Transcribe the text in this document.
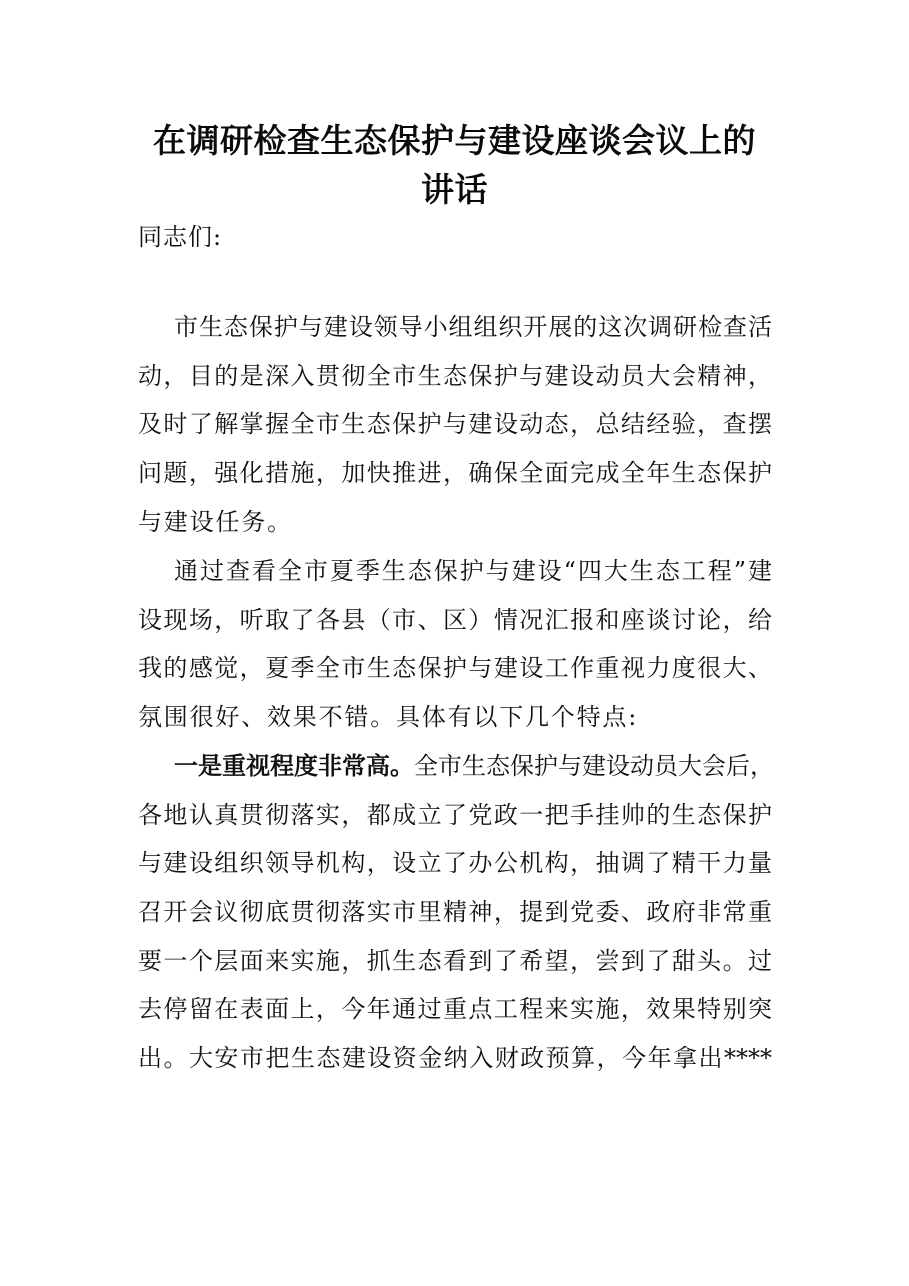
在调研检查生态保护与建设座谈会议上的
讲话
同志们:
市生态保护与建设领导小组组织开展的这次调研检查活
动，目的是深入贯彻全市生态保护与建设动员大会精神，
及时了解掌握全市生态保护与建设动态，总结经验，查摆
问题，强化措施，加快推进，确保全面完成全年生态保护
与建设任务。
通过查看全市夏季生态保护与建设“四大生态工程”建
设现场，听取了各县（市、区）情况汇报和座谈讨论，给
我的感觉，夏季全市生态保护与建设工作重视力度很大、
氛围很好、效果不错。具体有以下几个特点:
一是重视程度非常高。全市生态保护与建设动员大会后，
各地认真贯彻落实，都成立了党政一把手挂帅的生态保护
与建设组织领导机构，设立了办公机构，抽调了精干力量
召开会议彻底贯彻落实市里精神，提到党委、政府非常重
要一个层面来实施，抓生态看到了希望，尝到了甜头。过
去停留在表面上，今年通过重点工程来实施，效果特别突
出。大安市把生态建设资金纳入财政预算，今年拿出****
